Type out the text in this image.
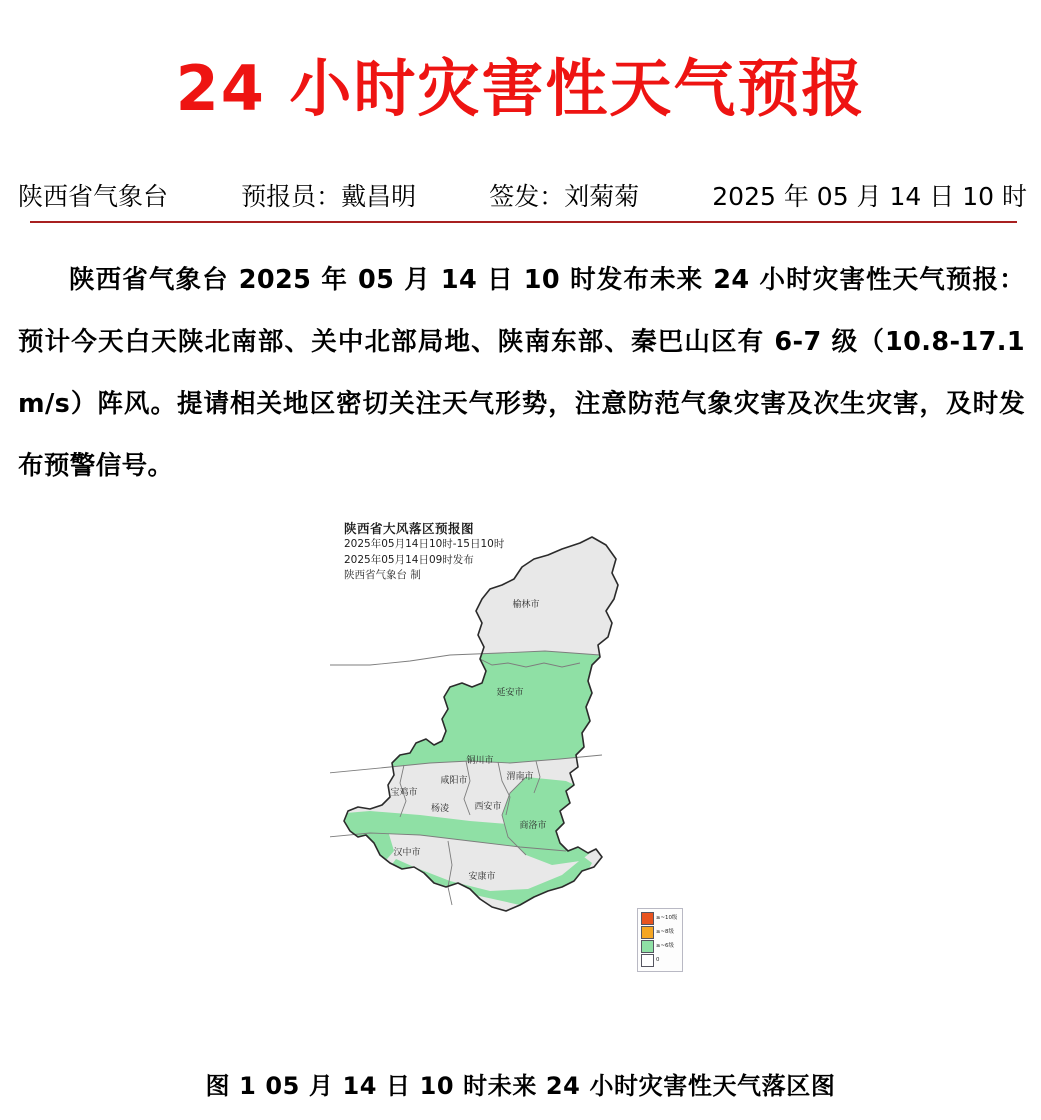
24 小时灾害性天气预报
陕西省气象台	预报员：戴昌明	签发：刘菊菊	2025 年 05 月 14 日 10 时

陕西省气象台 2025 年 05 月 14 日 10 时发布未来 24 小时灾害性天气预报：预计今天白天陕北南部、关中北部局地、陕南东部、秦巴山区有 6-7 级（10.8-17.1m/s）阵风。提请相关地区密切关注天气形势，注意防范气象灾害及次生灾害，及时发布预警信号。

陕西省大风落区预报图
2025年05月14日10时-15日10时
2025年05月14日09时发布
陕西省气象台 制
榆林市
延安市
铜川市
咸阳市	渭南市
宝鸡市
杨凌	西安市
商洛市
汉中市
安康市
≥~10级
≥~8级
≥~6级
0
图 1 05 月 14 日 10 时未来 24 小时灾害性天气落区图
